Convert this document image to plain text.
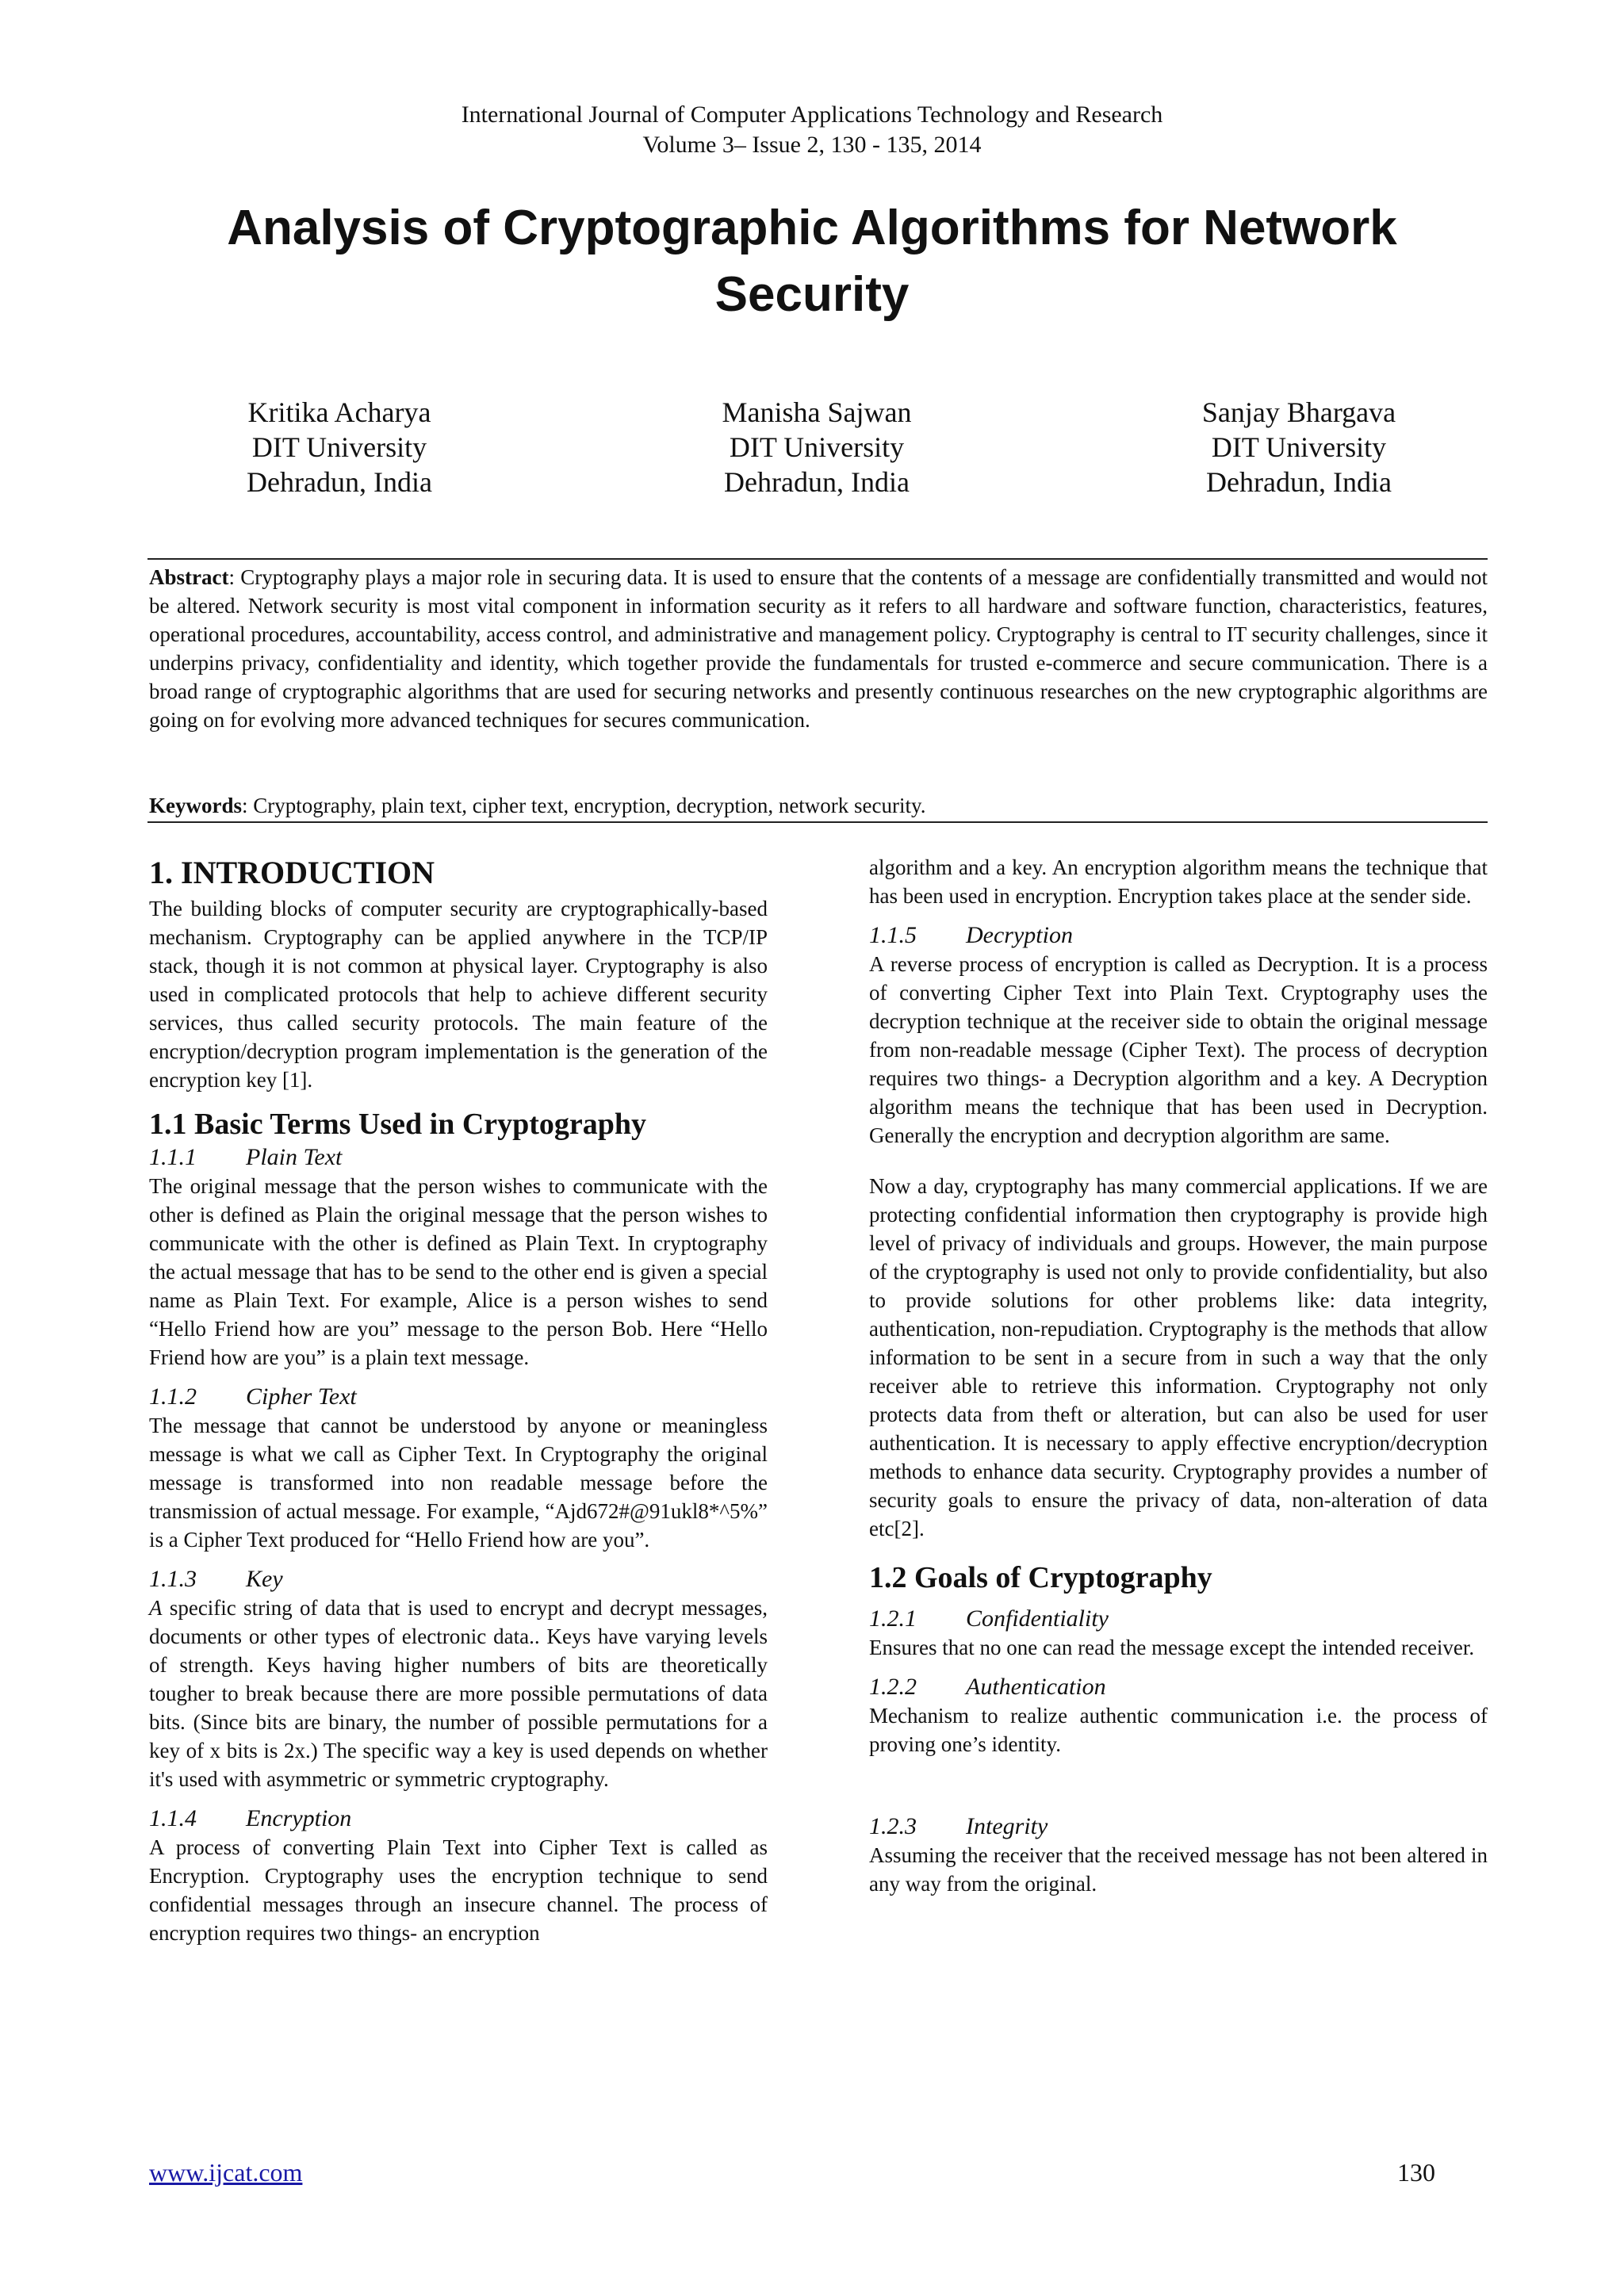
International Journal of Computer Applications Technology and Research
Volume 3– Issue 2, 130 - 135, 2014
Analysis of Cryptographic Algorithms for Network
Security
Kritika Acharya
DIT University
Dehradun, India
Manisha Sajwan
DIT University
Dehradun, India
Sanjay Bhargava
DIT University
Dehradun, India
Abstract: Cryptography plays a major role in securing data. It is used to ensure that the contents of a message are confidentially transmitted and would not be altered. Network security is most vital component in information security as it refers to all hardware and software function, characteristics, features, operational procedures, accountability, access control, and administrative and management policy. Cryptography is central to IT security challenges, since it underpins privacy, confidentiality and identity, which together provide the fundamentals for trusted e-commerce and secure communication. There is a broad range of cryptographic algorithms that are used for securing networks and presently continuous researches on the new cryptographic algorithms are going on for evolving more advanced techniques for secures communication.
Keywords: Cryptography, plain text, cipher text, encryption, decryption, network security.
1. INTRODUCTION

The building blocks of computer security are cryptographically-based mechanism. Cryptography can be applied anywhere in the TCP/IP stack, though it is not common at physical layer. Cryptography is also used in complicated protocols that help to achieve different security services, thus called security protocols. The main feature of the encryption/decryption program implementation is the generation of the encryption key [1].

1.1 Basic Terms Used in Cryptography
1.1.1 Plain Text

The original message that the person wishes to communicate with the other is defined as Plain the original message that the person wishes to communicate with the other is defined as Plain Text. In cryptography the actual message that has to be send to the other end is given a special name as Plain Text. For example, Alice is a person wishes to send “Hello Friend how are you” message to the person Bob. Here “Hello Friend how are you” is a plain text message.

1.1.2 Cipher Text

The message that cannot be understood by anyone or meaningless message is what we call as Cipher Text. In Cryptography the original message is transformed into non readable message before the transmission of actual message. For example, “Ajd672#@91ukl8*^5%” is a Cipher Text produced for “Hello Friend how are you”.

1.1.3 Key

A specific string of data that is used to encrypt and decrypt messages, documents or other types of electronic data.. Keys have varying levels of strength. Keys having higher numbers of bits are theoretically tougher to break because there are more possible permutations of data bits. (Since bits are binary, the number of possible permutations for a key of x bits is 2x.) The specific way a key is used depends on whether it's used with asymmetric or symmetric cryptography.

1.1.4 Encryption

A process of converting Plain Text into Cipher Text is called as Encryption. Cryptography uses the encryption technique to send confidential messages through an insecure channel. The process of encryption requires two things- an encryption

algorithm and a key. An encryption algorithm means the technique that has been used in encryption. Encryption takes place at the sender side.

1.1.5 Decryption

A reverse process of encryption is called as Decryption. It is a process of converting Cipher Text into Plain Text. Cryptography uses the decryption technique at the receiver side to obtain the original message from non-readable message (Cipher Text). The process of decryption requires two things- a Decryption algorithm and a key. A Decryption algorithm means the technique that has been used in Decryption. Generally the encryption and decryption algorithm are same.

Now a day, cryptography has many commercial applications. If we are protecting confidential information then cryptography is provide high level of privacy of individuals and groups. However, the main purpose of the cryptography is used not only to provide confidentiality, but also to provide solutions for other problems like: data integrity, authentication, non-repudiation. Cryptography is the methods that allow information to be sent in a secure from in such a way that the only receiver able to retrieve this information. Cryptography not only protects data from theft or alteration, but can also be used for user authentication. It is necessary to apply effective encryption/decryption methods to enhance data security. Cryptography provides a number of security goals to ensure the privacy of data, non-alteration of data etc[2].

1.2 Goals of Cryptography
1.2.1 Confidentiality

Ensures that no one can read the message except the intended receiver.

1.2.2 Authentication

Mechanism to realize authentic communication i.e. the process of proving one’s identity.

1.2.3 Integrity

Assuming the receiver that the received message has not been altered in any way from the original.

www.ijcat.com	130
